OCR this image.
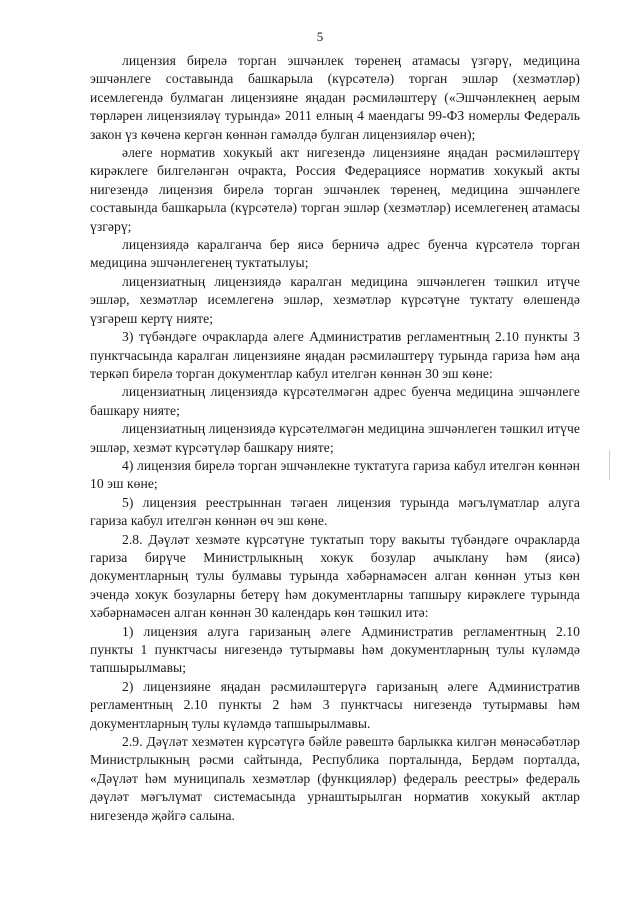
5

лицензия бирелә торган эшчәнлек төренең атамасы үзгәрү, медицина эшчәнлеге составында башкарыла (күрсәтелә) торган эшләр (хезмәтләр) исемлегендә булмаган лицензияне яңадан рәсмиләштерү («Эшчәнлекнең аерым төрләрен лицензияләү турында» 2011 елның 4 маендагы 99-ФЗ номерлы Федераль закон үз көченә кергән көннән гамәлдә булган лицензияләр өчен);

әлеге норматив хокукый акт нигезендә лицензияне яңадан рәсмиләштерү кирәклеге билгеләнгән очракта, Россия Федерациясе норматив хокукый акты нигезендә лицензия бирелә торган эшчәнлек төренең, медицина эшчәнлеге составында башкарыла (күрсәтелә) торган эшләр (хезмәтләр) исемлегенең атамасы үзгәрү;

лицензиядә каралганча бер яисә берничә адрес буенча күрсәтелә торган медицина эшчәнлегенең туктатылуы;

лицензиатның лицензиядә каралган медицина эшчәнлеген тәшкил итүче эшләр, хезмәтләр исемлегенә эшләр, хезмәтләр күрсәтүне туктату өлешендә үзгәреш кертү нияте;

3) түбәндәге очракларда әлеге Административ регламентның 2.10 пункты 3 пунктчасында каралган лицензияне яңадан рәсмиләштерү турында гариза һәм аңа теркәп бирелә торган документлар кабул ителгән көннән 30 эш көне:

лицензиатның лицензиядә күрсәтелмәгән адрес буенча медицина эшчәнлеге башкару нияте;

лицензиатның лицензиядә күрсәтелмәгән медицина эшчәнлеген тәшкил итүче эшләр, хезмәт күрсәтүләр башкару нияте;

4) лицензия бирелә торган эшчәнлекне туктатуга гариза кабул ителгән көннән 10 эш көне;

5) лицензия реестрыннан тәгаен лицензия турында мәгълүматлар алуга гариза кабул ителгән көннән өч эш көне.

2.8. Дәүләт хезмәте күрсәтүне туктатып тору вакыты түбәндәге очракларда гариза бирүче Министрлыкның хокук бозулар ачыклану һәм (яисә) документларның тулы булмавы турында хәбәрнамәсен алган көннән утыз көн эчендә хокук бозуларны бетерү һәм документларны тапшыру кирәклеге турында хәбәрнамәсен алган көннән 30 календарь көн тәшкил итә:

1) лицензия алуга гаризаның әлеге Административ регламентның 2.10 пункты 1 пунктчасы нигезендә тутырмавы һәм документларның тулы күләмдә тапшырылмавы;

2) лицензияне яңадан рәсмиләштерүгә гаризаның әлеге Административ регламентның 2.10 пункты 2 һәм 3 пунктчасы нигезендә тутырмавы һәм документларның тулы күләмдә тапшырылмавы.

2.9. Дәүләт хезмәтен күрсәтүгә бәйле рәвештә барлыкка килгән мөнәсәбәтләр Министрлыкның рәсми сайтында, Республика порталында, Бердәм порталда, «Дәүләт һәм муниципаль хезмәтләр (функцияләр) федераль реестры» федераль дәүләт мәгълүмат системасында урнаштырылган норматив хокукый актлар нигезендә җәйгә салына.
